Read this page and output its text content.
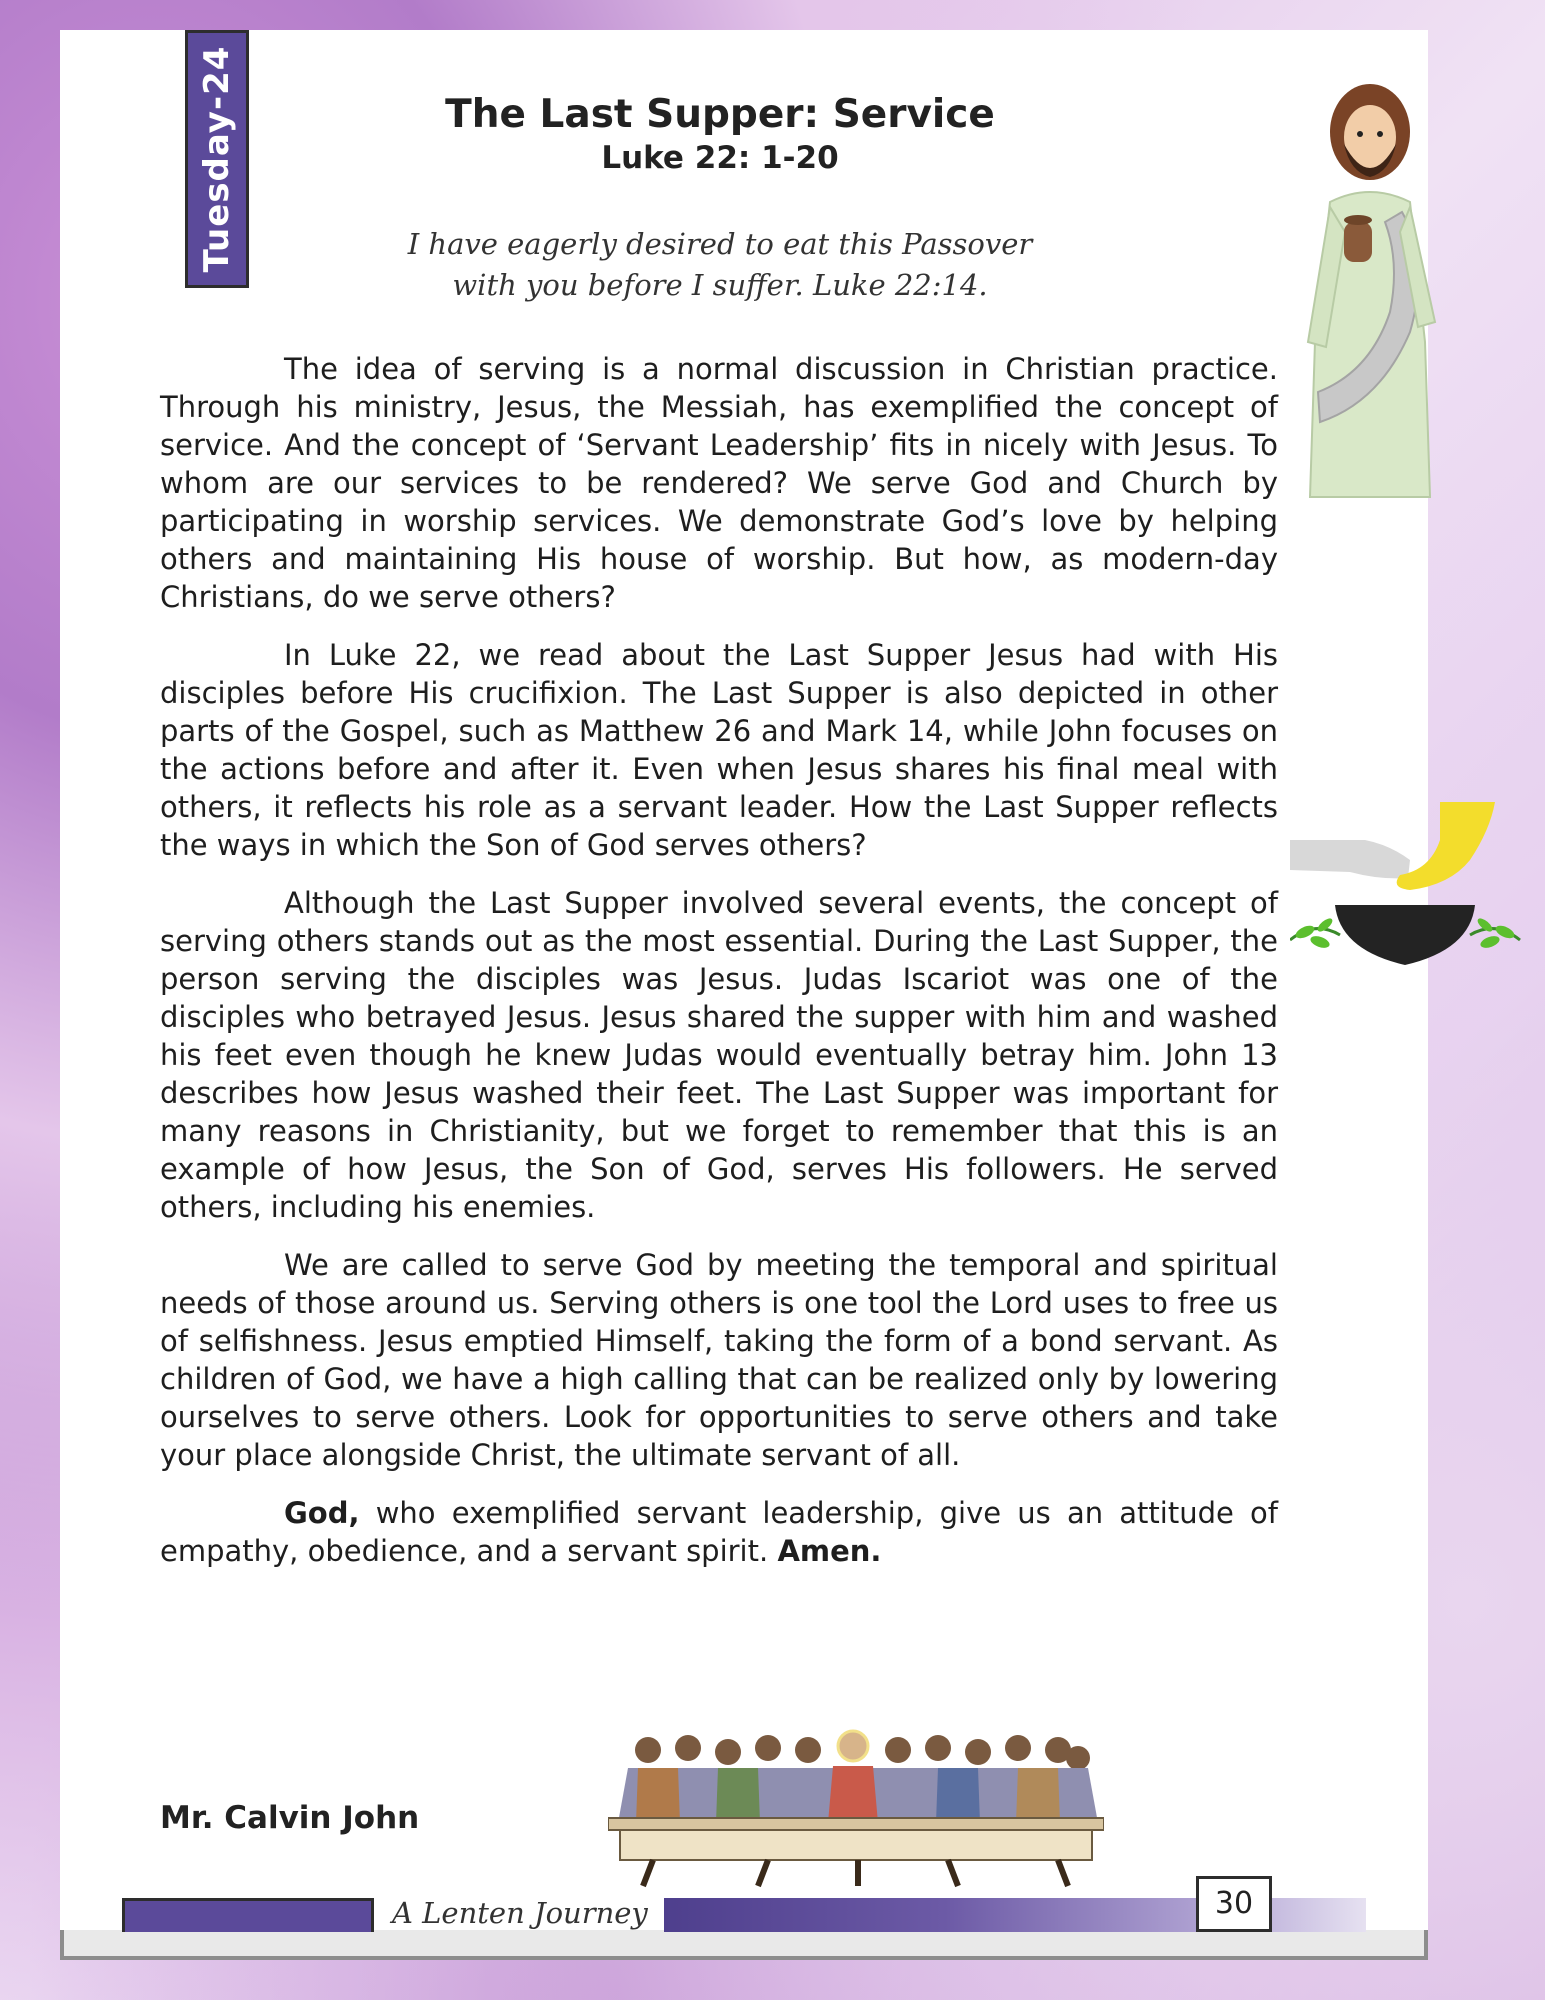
Tuesday-24	The Last Supper: Service
Luke 22: 1-20
I have eagerly desired to eat this Passover
with you before I suffer. Luke 22:14.

The idea of serving is a normal discussion in Christian practice. Through his ministry, Jesus, the Messiah, has exemplified the concept of service. And the concept of ‘Servant Leadership’ fits in nicely with Jesus. To whom are our services to be rendered? We serve God and Church by participating in worship services. We demonstrate God’s love by helping others and maintaining His house of worship. But how, as modern-day Christians, do we serve others?

In Luke 22, we read about the Last Supper Jesus had with His disciples before His crucifixion. The Last Supper is also depicted in other parts of the Gospel, such as Matthew 26 and Mark 14, while John focuses on the actions before and after it. Even when Jesus shares his final meal with others, it reflects his role as a servant leader. How the Last Supper reflects the ways in which the Son of God serves others?

Although the Last Supper involved several events, the concept of serving others stands out as the most essential. During the Last Supper, the person serving the disciples was Jesus. Judas Iscariot was one of the disciples who betrayed Jesus. Jesus shared the supper with him and washed his feet even though he knew Judas would eventually betray him. John 13 describes how Jesus washed their feet. The Last Supper was important for many reasons in Christianity, but we forget to remember that this is an example of how Jesus, the Son of God, serves His followers. He served others, including his enemies.

We are called to serve God by meeting the temporal and spiritual needs of those around us. Serving others is one tool the Lord uses to free us of selfishness. Jesus emptied Himself, taking the form of a bond servant. As children of God, we have a high calling that can be realized only by lowering ourselves to serve others. Look for opportunities to serve others and take your place alongside Christ, the ultimate servant of all.

God, who exemplified servant leadership, give us an attitude of empathy, obedience, and a servant spirit. Amen.

Mr. Calvin John
A Lenten Journey	30
